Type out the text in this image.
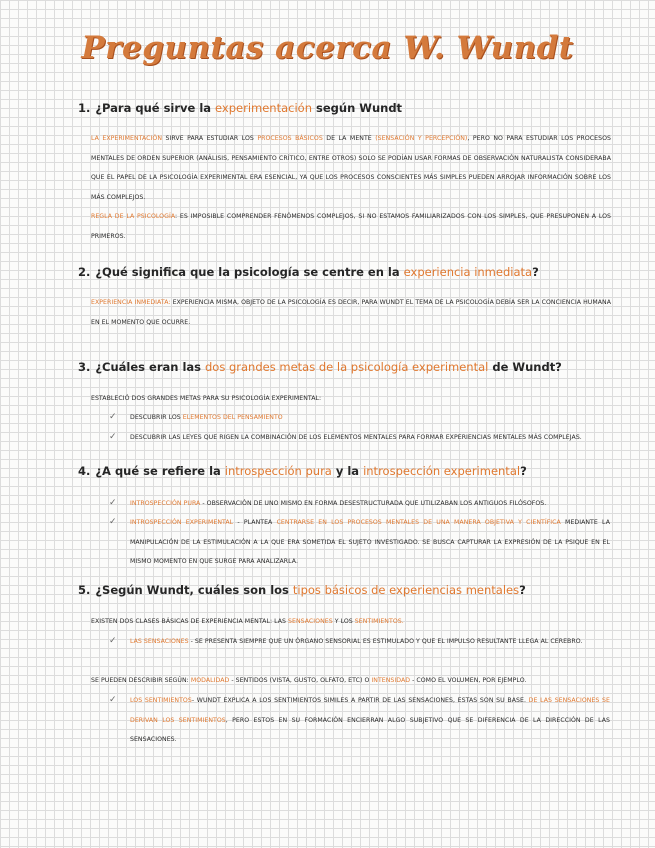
Preguntas acerca W. Wundt
1. ¿Para qué sirve la experimentación según Wundt
LA EXPERIMENTACIÓN SIRVE PARA ESTUDIAR LOS PROCESOS BÁSICOS DE LA MENTE (SENSACIÓN Y PERCEPCIÓN), PERO NO PARA ESTUDIAR LOS PROCESOS MENTALES DE ORDEN SUPERIOR (ANÁLISIS, PENSAMIENTO CRÍTICO, ENTRE OTROS) SOLO SE PODÍAN USAR FORMAS DE OBSERVACIÓN NATURALISTA CONSIDERABA QUE EL PAPEL DE LA PSICOLOGÍA EXPERIMENTAL ERA ESENCIAL, YA QUE LOS PROCESOS CONSCIENTES MÁS SIMPLES PUEDEN ARROJAR INFORMACIÓN SOBRE LOS MÁS COMPLEJOS.
REGLA DE LA PSICOLOGÍA: ES IMPOSIBLE COMPRENDER FENÓMENOS COMPLEJOS, SI NO ESTAMOS FAMILIARIZADOS CON LOS SIMPLES, QUE PRESUPONEN A LOS PRIMEROS.
2. ¿Qué significa que la psicología se centre en la experiencia inmediata?
EXPERIENCIA INMEDIATA: EXPERIENCIA MISMA, OBJETO DE LA PSICOLOGÍA ES DECIR, PARA WUNDT EL TEMA DE LA PSICOLOGÍA DEBÍA SER LA CONCIENCIA HUMANA EN EL MOMENTO QUE OCURRE.
3. ¿Cuáles eran las dos grandes metas de la psicología experimental de Wundt?
ESTABLECIÓ DOS GRANDES METAS PARA SU PSICOLOGÍA EXPERIMENTAL:
✓ DESCUBRIR LOS ELEMENTOS DEL PENSAMIENTO
✓ DESCUBRIR LAS LEYES QUE RIGEN LA COMBINACIÓN DE LOS ELEMENTOS MENTALES PARA FORMAR EXPERIENCIAS MENTALES MÁS COMPLEJAS.
4. ¿A qué se refiere la introspección pura y la introspección experimental?
✓ INTROSPECCIÓN PURA - OBSERVACIÓN DE UNO MISMO EN FORMA DESESTRUCTURADA QUE UTILIZABAN LOS ANTIGUOS FILÓSOFOS.
✓ INTROSPECCIÓN EXPERIMENTAL - PLANTEA CENTRARSE EN LOS PROCESOS MENTALES DE UNA MANERA OBJETIVA Y CIENTÍFICA MEDIANTE LA MANIPULACIÓN DE LA ESTIMULACIÓN A LA QUE ERA SOMETIDA EL SUJETO INVESTIGADO. SE BUSCA CAPTURAR LA EXPRESIÓN DE LA PSIQUE EN EL MISMO MOMENTO EN QUE SURGE PARA ANALIZARLA.
5. ¿Según Wundt, cuáles son los tipos básicos de experiencias mentales?
EXISTEN DOS CLASES BÁSICAS DE EXPERIENCIA MENTAL: LAS SENSACIONES Y LOS SENTIMIENTOS.
✓ LAS SENSACIONES - SE PRESENTA SIEMPRE QUE UN ÓRGANO SENSORIAL ES ESTIMULADO Y QUE EL IMPULSO RESULTANTE LLEGA AL CEREBRO.
SE PUEDEN DESCRIBIR SEGÚN: MODALIDAD - SENTIDOS (VISTA, GUSTO, OLFATO, ETC) O INTENSIDAD - COMO EL VOLUMEN, POR EJEMPLO.
✓ LOS SENTIMIENTOS- WUNDT EXPLICA A LOS SENTIMIENTOS SIMILES A PARTIR DE LAS SENSACIONES, ESTAS SON SU BASE. DE LAS SENSACIONES SE DERIVAN LOS SENTIMIENTOS, PERO ESTOS EN SU FORMACIÓN ENCIERRAN ALGO SUBJETIVO QUE SE DIFERENCIA DE LA DIRECCIÓN DE LAS SENSACIONES.
